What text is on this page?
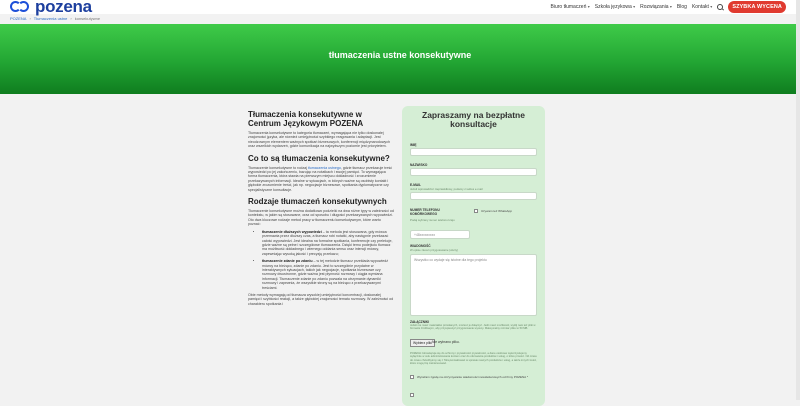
pozena	Biuro tłumaczeń ▾ Szkoła językowa ▾ Rozwiązania ▾ Blog Kontakt ▾	SZYBKA WYCENA
POZENA › Tłumaczenia ustne › konsekutywne
tłumaczenia ustne konsekutywne
Tłumaczenia konsekutywne w Centrum Językowym POZENA

Tłumaczenia konsekutywne to kategoria tłumaczeń, wymagająca nie tylko doskonałej znajomości języka, ale również umiejętności szybkiego reagowania i adaptacji. Jest nieodzownym elementem ważnych spotkań biznesowych, konferencji międzynarodowych oraz wszelkich wydarzeń, gdzie komunikacja na najwyższym poziomie jest priorytetem.

Co to są tłumaczenia konsekutywne?

Tłumaczenie konsekutywne to rodzaj tłumaczenia ustnego, gdzie tłumacz przekazuje treść wypowiedzi po jej zakończeniu, bazując na notatkach i swojej pamięci. To wymagająca forma tłumaczenia, która stawia na pierwszym miejscu dokładność i zrozumienie przekazywanych informacji. Idealne w sytuacjach, w których ważne są osobisty kontakt i głębokie zrozumienie treści, jak np. negocjacje biznesowe, spotkania dyplomatyczne czy specjalistyczne konsultacje.

Rodzaje tłumaczeń konsekutywnych

Tłumaczenie konsekutywne można dodatkowo podzielić na dwa różne typy w zależności od kontekstu, w jakim są stosowane, oraz od sposobu i długości przekazywanych wypowiedzi. Oto dwa kluczowe rodzaje metod pracy w tłumaczeniu konsekutywnym, które warto poznać:

• tłumaczenie dłuższych wypowiedzi – ta metoda jest stosowana, gdy mówca przemawia przez dłuższy czas, a tłumacz robi notatki, aby następnie przekazać całość wypowiedzi. Jest idealna na formalne spotkania, konferencje czy prelekcje, gdzie ważne są pełne i szczegółowe tłumaczenia. Dzięki temu podejściu tłumacz ma możliwość dokładnego i wiernego oddania sensu oraz intencji mówcy, zapewniając wysoką jakość i precyzję przekazu;
• tłumaczenie zdanie po zdaniu – w tej metodzie tłumacz przekłada wypowiedź mówcy na bieżąco, zdanie po zdaniu. Jest to szczególnie przydatne w interaktywnych sytuacjach, takich jak negocjacje, spotkania biznesowe czy rozmowy dwustronne, gdzie ważna jest płynność rozmowy i ciągła wymiana informacji. Tłumaczenie zdanie po zdaniu pozwala na utrzymanie dynamiki rozmowy i zapewnia, że wszystkie strony są na bieżąco z przekazywanymi treściami.

Obie metody wymagają od tłumacza wysokiej umiejętności koncentracji, doskonałej pamięci i szybkości reakcji, a także głębokiej znajomości tematu rozmowy. W zależności od charakteru spotkania i

Zapraszamy na bezpłatne konsultacje
IMIĘ
NAZWISKO
E-MAIL
Jeżeli wprowadzisz nieprawidłowy, podamy ci adres e-mail
NUMER TELEFONU KOMÓRKOWEGO
Używam też WhatsApp
Podaj wybrany numer telefonu kraju
+48xxxxxxxxx
WIADOMOŚĆ
W opisie zleceń przygotowanie (oferty)
Wszystko co wydaje się istotne dla tego projektu
ZAŁĄCZNIKI
Jeżeli nie masz materiałów przesłanych, możesz je dołączyć. Jeśli masz możliwość, wyślij nam też pliki w formacie źródłowym, aby przyspieszyć przygotowanie wyceny. Maksymalny rozmiar pliku to 50 MB.
Wybierz pliki Nie wybrano pliku.
POZENA zobowiązuje się do ochrony i prywatności prywatności, a dane osobowe wykorzystujemy wyłącznie w celu administrowania kontem oraz do oferowania produktów i usług, o które prosisz. Od czasu do czasu chcielibyśmy się z Tobą kontaktować w sprawie naszych produktów i usług, a także innych treści, które mogą Cię zainteresować.
Wyrażam zgodę na otrzymywanie wiadomości newsletterowych od firmy POZENA *
